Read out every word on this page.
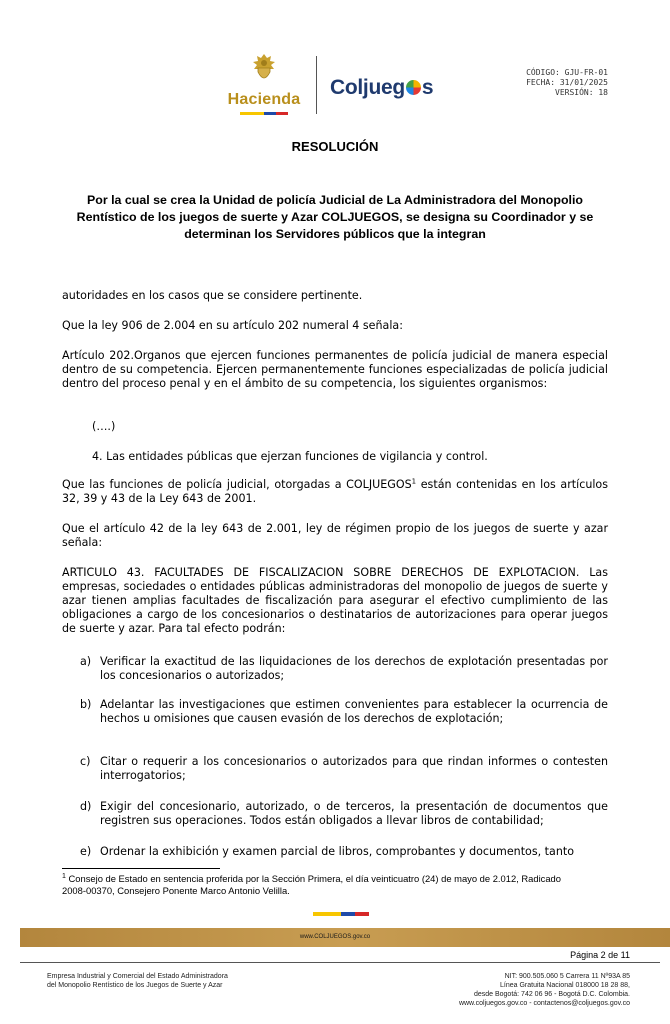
Hacienda
Coljueg s
CÓDIGO: GJU-FR-01
FECHA: 31/01/2025
VERSIÓN: 18
RESOLUCIÓN
Por la cual se crea la Unidad de policía Judicial de La Administradora del Monopolio Rentístico de los juegos de suerte y Azar COLJUEGOS, se designa su Coordinador y se determinan los Servidores públicos que la integran
autoridades en los casos que se considere pertinente.
Que la ley 906 de 2.004 en su artículo 202 numeral 4 señala:
Artículo 202.Organos que ejercen funciones permanentes de policía judicial de manera especial dentro de su competencia. Ejercen permanentemente funciones especializadas de policía judicial dentro del proceso penal y en el ámbito de su competencia, los siguientes organismos:
(….)
4. Las entidades públicas que ejerzan funciones de vigilancia y control.
Que las funciones de policía judicial, otorgadas a COLJUEGOS$^1$ están contenidas en los artículos 32, 39 y 43 de la Ley 643 de 2001.
Que el artículo 42 de la ley 643 de 2.001, ley de régimen propio de los juegos de suerte y azar señala:
ARTICULO 43. FACULTADES DE FISCALIZACION SOBRE DERECHOS DE EXPLOTACION. Las empresas, sociedades o entidades públicas administradoras del monopolio de juegos de suerte y azar tienen amplias facultades de fiscalización para asegurar el efectivo cumplimiento de las obligaciones a cargo de los concesionarios o destinatarios de autorizaciones para operar juegos de suerte y azar. Para tal efecto podrán:
a) Verificar la exactitud de las liquidaciones de los derechos de explotación presentadas por los concesionarios o autorizados;
b) Adelantar las investigaciones que estimen convenientes para establecer la ocurrencia de hechos u omisiones que causen evasión de los derechos de explotación;
c) Citar o requerir a los concesionarios o autorizados para que rindan informes o contesten interrogatorios;
d) Exigir del concesionario, autorizado, o de terceros, la presentación de documentos que registren sus operaciones. Todos están obligados a llevar libros de contabilidad;
e) Ordenar la exhibición y examen parcial de libros, comprobantes y documentos, tanto
$^1$ Consejo de Estado en sentencia proferida por la Sección Primera, el día veinticuatro (24) de mayo de 2.012, Radicado 2008-00370, Consejero Ponente Marco Antonio Velilla.
www.COLJUEGOS.gov.co
Página 2 de 11
Empresa Industrial y Comercial del Estado Administradora
del Monopolio Rentístico de los Juegos de Suerte y Azar
NIT: 900.505.060 5 Carrera 11 Nº93A 85
Línea Gratuita Nacional 018000 18 28 88,
desde Bogotá: 742 06 96 - Bogotá D.C. Colombia.
www.coljuegos.gov.co - contactenos@coljuegos.gov.co
